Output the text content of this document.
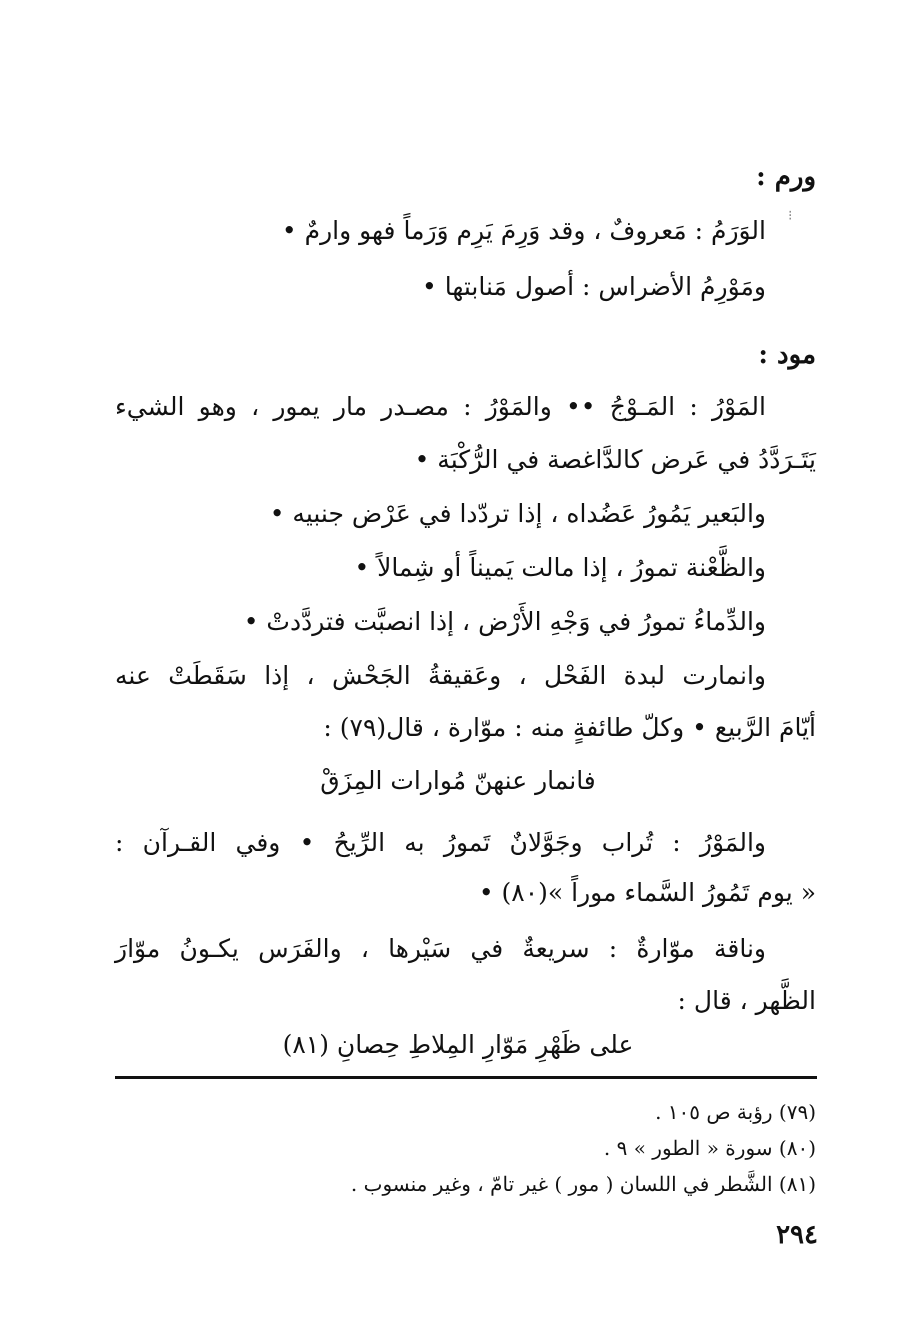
ورم :
⁝
الوَرَمُ : مَعروفٌ ، وقد وَرِمَ يَرِم وَرَماً فهو وارمٌ •
ومَوْرِمُ الأضراس : أصول مَنابتها •
مود :
المَوْرُ : المَـوْجُ •• والمَوْرُ : مصـدر مار يمور ، وهو الشيء
يَتَـرَدَّدُ في عَرض كالدَّاغصة في الرُّكْبَة •
والبَعير يَمُورُ عَضُداه ، إذا تردّدا في عَرْض جنبيه •
والظَّعْنة تمورُ ، إذا مالت يَميناً أو شِمالاً •
والدِّماءُ تمورُ في وَجْهِ الأَرْض ، إذا انصبَّت فتردَّدتْ •
وانمارت لبدة الفَحْل ، وعَقيقةُ الجَحْش ، إذا سَقَطَتْ عنه
أيّامَ الرَّبيع • وكلّ طائفةٍ منه : موّارة ، قال(٧٩) :
فانمار عنهنّ مُوارات المِزَقْ
والمَوْرُ : تُراب وجَوَّلانٌ تَمورُ به الرِّيحُ • وفي القـرآن :
« يوم تَمُورُ السَّماء موراً »(٨٠) •
وناقة موّارةٌ : سريعةٌ في سَيْرها ، والفَرَس يكـونُ موّارَ
الظَّهر ، قال :
على ظَهْرِ مَوّارِ المِلاطِ حِصانِ (٨١)
(٧٩) رؤبة ص ١٠٥ .
(٨٠) سورة « الطور » ٩ .
(٨١) الشَّطر في اللسان ( مور ) غير تامّ ، وغير منسوب .
٢٩٤
